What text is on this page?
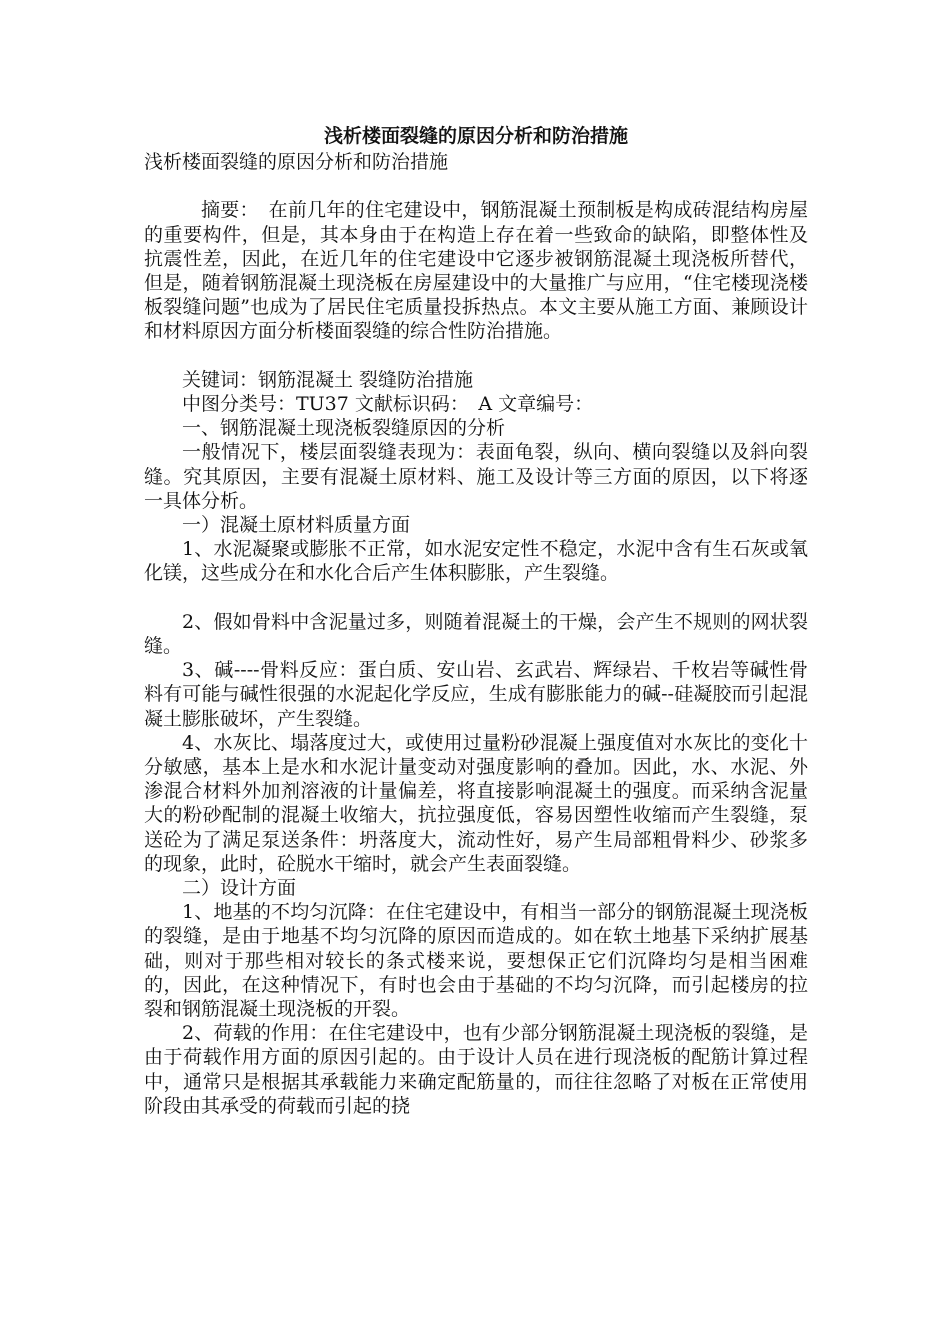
浅析楼面裂缝的原因分析和防治措施

浅析楼面裂缝的原因分析和防治措施

摘要：　在前几年的住宅建设中，钢筋混凝土预制板是构成砖混结构房屋的重要构件，但是，其本身由于在构造上存在着一些致命的缺陷，即整体性及抗震性差，因此，在近几年的住宅建设中它逐步被钢筋混凝土现浇板所替代，但是，随着钢筋混凝土现浇板在房屋建设中的大量推广与应用，“住宅楼现浇楼板裂缝问题”也成为了居民住宅质量投拆热点。本文主要从施工方面、兼顾设计和材料原因方面分析楼面裂缝的综合性防治措施。

关键词：钢筋混凝土 裂缝防治措施

中图分类号：TU37 文献标识码：　A 文章编号：

一、钢筋混凝土现浇板裂缝原因的分析

一般情况下，楼层面裂缝表现为：表面龟裂，纵向、横向裂缝以及斜向裂缝。究其原因，主要有混凝土原材料、施工及设计等三方面的原因，以下将逐一具体分析。

一）混凝土原材料质量方面

1、水泥凝聚或膨胀不正常，如水泥安定性不稳定，水泥中含有生石灰或氧化镁，这些成分在和水化合后产生体积膨胀，产生裂缝。

2、假如骨料中含泥量过多，则随着混凝土的干燥，会产生不规则的网状裂缝。

3、碱----骨料反应：蛋白质、安山岩、玄武岩、辉绿岩、千枚岩等碱性骨料有可能与碱性很强的水泥起化学反应，生成有膨胀能力的碱--硅凝胶而引起混凝土膨胀破坏，产生裂缝。

4、水灰比、塌落度过大，或使用过量粉砂混凝上强度值对水灰比的变化十分敏感，基本上是水和水泥计量变动对强度影响的叠加。因此，水、水泥、外渗混合材料外加剂溶液的计量偏差，将直接影响混凝土的强度。而采纳含泥量大的粉砂配制的混凝土收缩大，抗拉强度低，容易因塑性收缩而产生裂缝，泵送砼为了满足泵送条件：坍落度大，流动性好，易产生局部粗骨料少、砂浆多的现象，此时，砼脱水干缩时，就会产生表面裂缝。

二）设计方面

1、地基的不均匀沉降：在住宅建设中，有相当一部分的钢筋混凝土现浇板的裂缝，是由于地基不均匀沉降的原因而造成的。如在软土地基下采纳扩展基础，则对于那些相对较长的条式楼来说，要想保正它们沉降均匀是相当困难的，因此，在这种情况下，有时也会由于基础的不均匀沉降，而引起楼房的拉裂和钢筋混凝土现浇板的开裂。

2、荷载的作用：在住宅建设中，也有少部分钢筋混凝土现浇板的裂缝，是由于荷载作用方面的原因引起的。由于设计人员在进行现浇板的配筋计算过程中，通常只是根据其承载能力来确定配筋量的，而往往忽略了对板在正常使用阶段由其承受的荷载而引起的挠
